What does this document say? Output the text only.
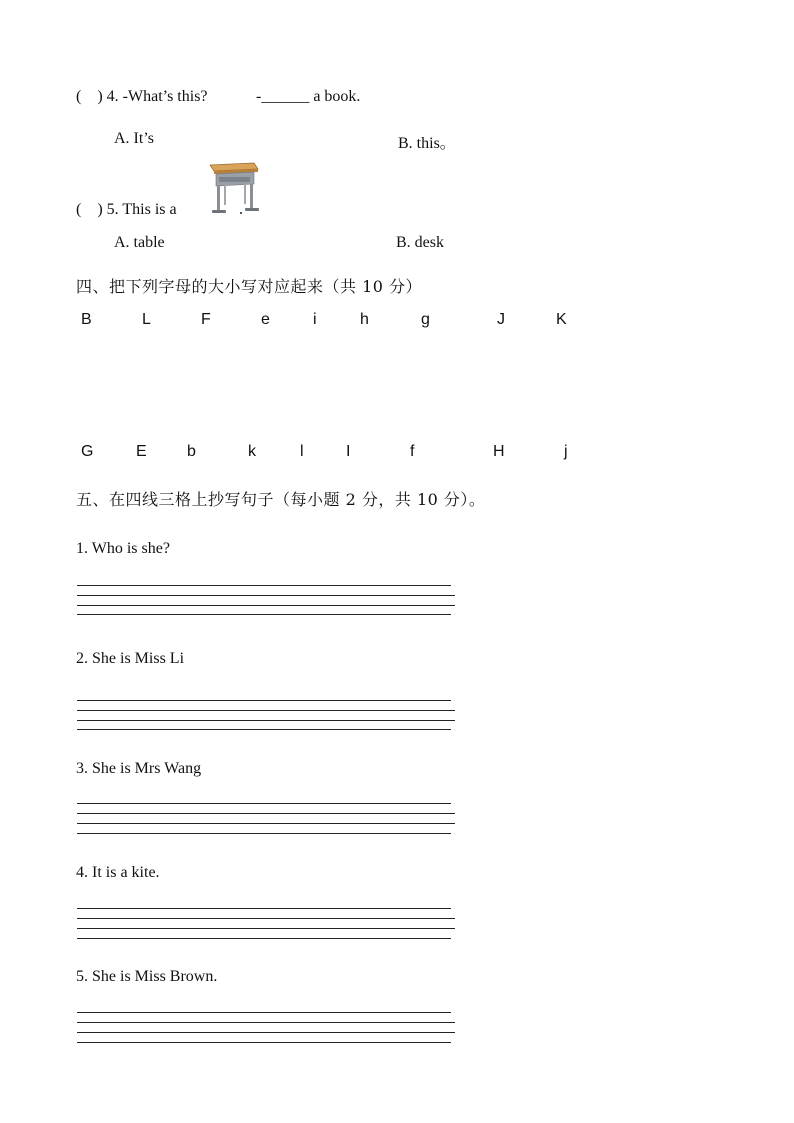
( ) 4. -What’s this?	-______ a book.
A. It’s	B. this。
( ) 5. This is a
A. table	B. desk
四、把下列字母的大小写对应起来（共 10 分）
B	L	F	e	i	h	g	J	K
G	E	b	k	l	I	f	H	j
五、在四线三格上抄写句子（每小题 2 分，共 10 分）。
1. Who is she?
2. She is Miss Li
3. She is Mrs Wang
4. It is a kite.
5. She is Miss Brown.
